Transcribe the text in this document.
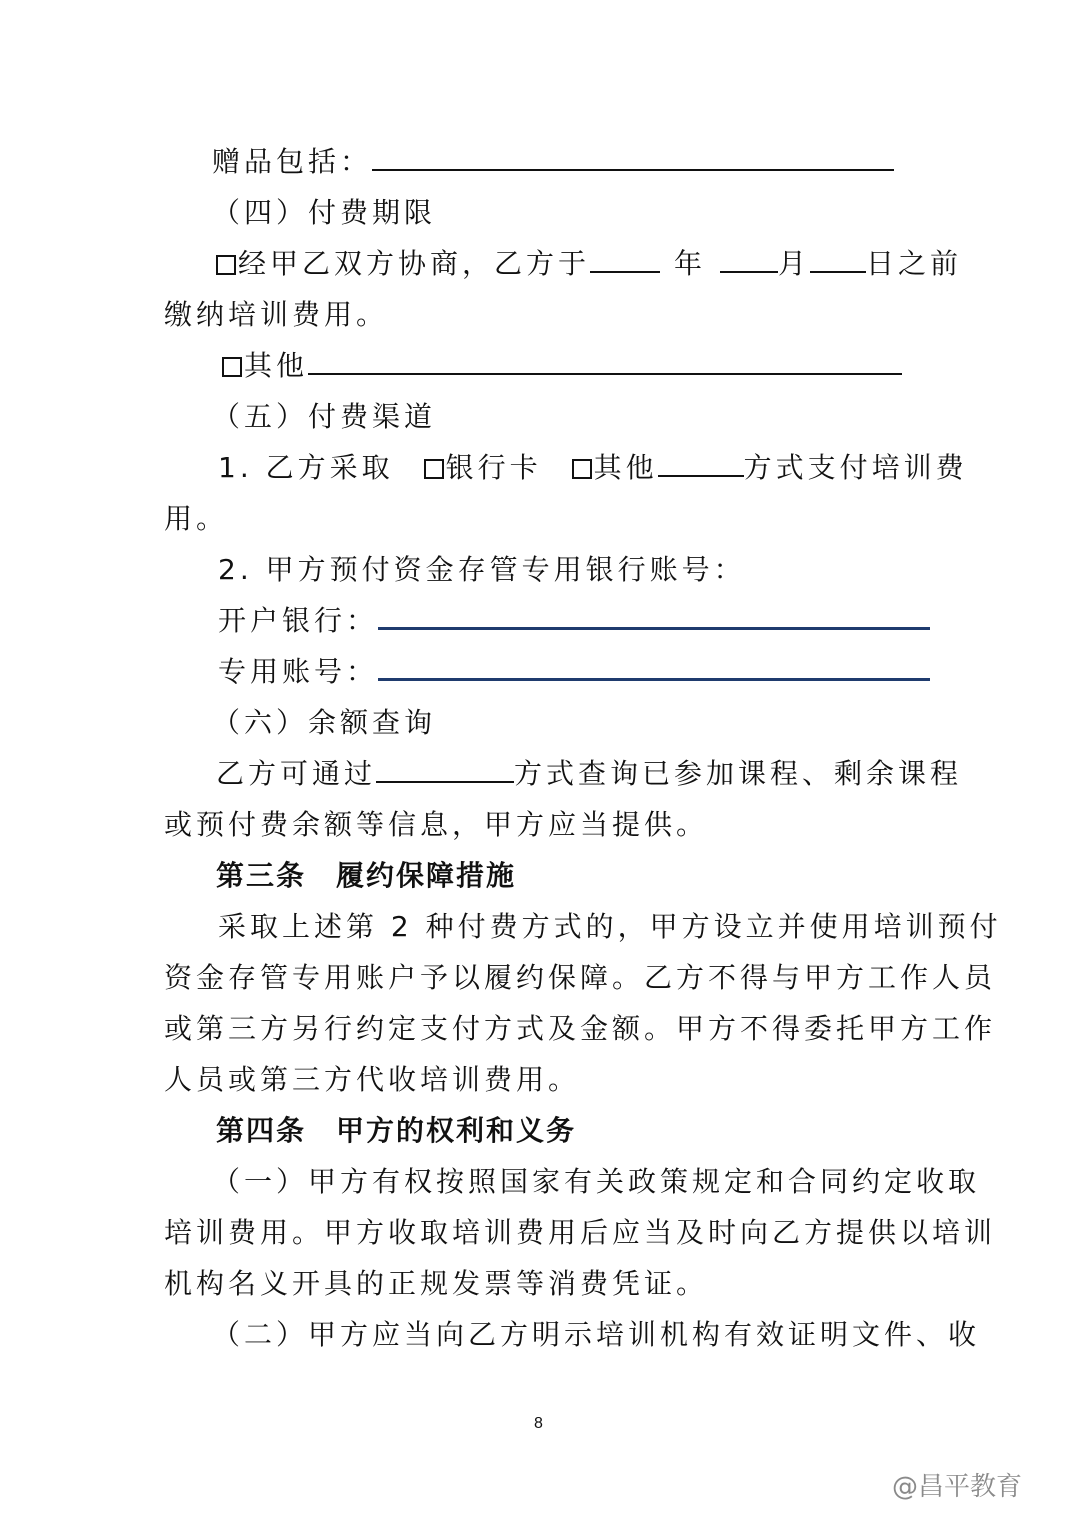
赠品包括：
（四）付费期限
经甲乙双方协商，乙方于	年	月 日之前
缴纳培训费用。
其他
（五）付费渠道
1. 乙方采取 银行卡 其他	方式支付培训费
用。
2. 甲方预付资金存管专用银行账号：
开户银行：
专用账号：
（六）余额查询
乙方可通过	方式查询已参加课程、剩余课程
或预付费余额等信息，甲方应当提供。
第三条　履约保障措施
采取上述第 2 种付费方式的，甲方设立并使用培训预付
资金存管专用账户予以履约保障。乙方不得与甲方工作人员
或第三方另行约定支付方式及金额。甲方不得委托甲方工作
人员或第三方代收培训费用。
第四条　甲方的权利和义务
（一）甲方有权按照国家有关政策规定和合同约定收取
培训费用。甲方收取培训费用后应当及时向乙方提供以培训
机构名义开具的正规发票等消费凭证。
（二）甲方应当向乙方明示培训机构有效证明文件、收
8
@昌平教育
